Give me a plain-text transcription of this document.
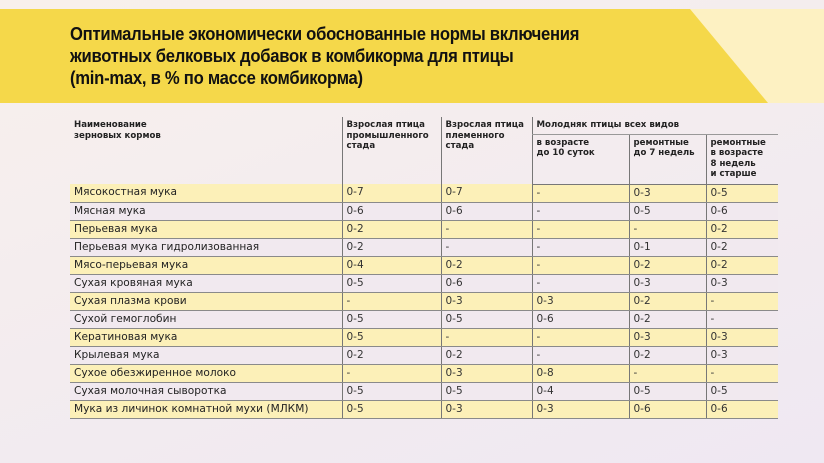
Оптимальные экономически обоснованные нормы включения
животных белковых добавок в комбикорма для птицы
(min-max, в % по массе комбикорма)
Наименование
зерновых кормов

Взрослая птица
промышленного
стада

Взрослая птица
племенного
стада
	Молодняк птицы всех видов

в возрасте
до 10 суток

ремонтные
до 7 недель

ремонтные
в возрасте
8 недель
и старше

Мясокостная мука	0-7	0-7	-	0-3	0-5
Мясная мука	0-6	0-6	-	0-5	0-6
Перьевая мука	0-2	-	-	-	0-2
Перьевая мука гидролизованная	0-2	-	-	0-1	0-2
Мясо-перьевая мука	0-4	0-2	-	0-2	0-2
Сухая кровяная мука	0-5	0-6	-	0-3	0-3
Сухая плазма крови	-	0-3	0-3	0-2	-
Сухой гемоглобин	0-5	0-5	0-6	0-2	-
Кератиновая мука	0-5	-	-	0-3	0-3
Крылевая мука	0-2	0-2	-	0-2	0-3
Сухое обезжиренное молоко	-	0-3	0-8	-	-
Сухая молочная сыворотка	0-5	0-5	0-4	0-5	0-5
Мука из личинок комнатной мухи (МЛКМ)	0-5	0-3	0-3	0-6	0-6
